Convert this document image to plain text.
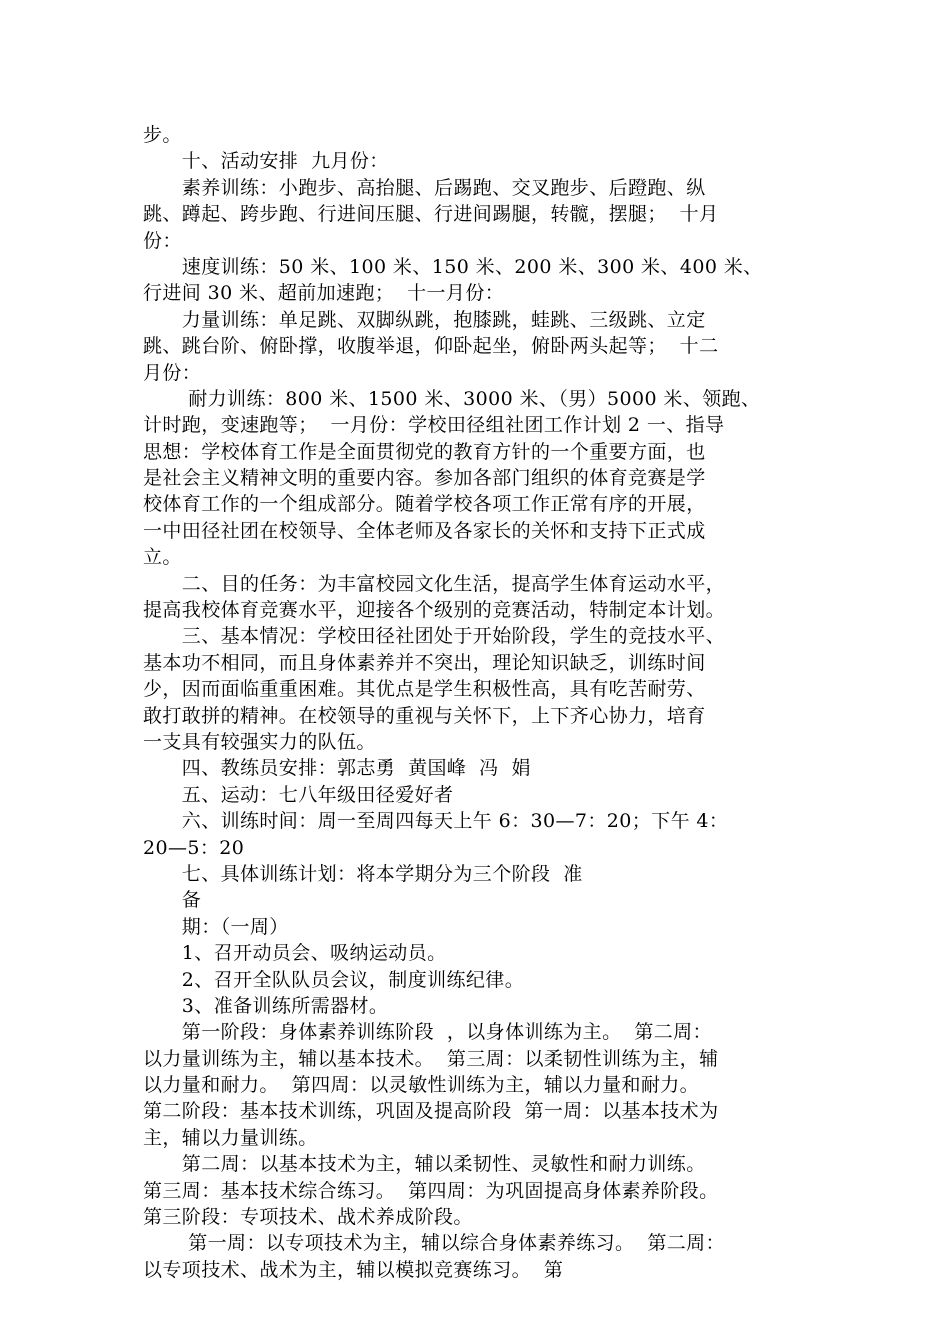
步。
　　十、活动安排  九月份：
　　素养训练：小跑步、高抬腿、后踢跑、交叉跑步、后蹬跑、纵
跳、蹲起、跨步跑、行进间压腿、行进间踢腿，转髋，摆腿；  十月
份：
　　速度训练：50 米、100 米、150 米、200 米、300 米、400 米、
行进间 30 米、超前加速跑；  十一月份：
　　力量训练：单足跳、双脚纵跳，抱膝跳，蛙跳、三级跳、立定
跳、跳台阶、俯卧撑，收腹举退，仰卧起坐，俯卧两头起等；  十二
月份：
　　 耐力训练：800 米、1500 米、3000 米、（男）5000 米、领跑、
计时跑，变速跑等；  一月份：学校田径组社团工作计划 2 一、指导
思想：学校体育工作是全面贯彻党的教育方针的一个重要方面，也
是社会主义精神文明的重要内容。参加各部门组织的体育竞赛是学
校体育工作的一个组成部分。随着学校各项工作正常有序的开展，
一中田径社团在校领导、全体老师及各家长的关怀和支持下正式成
立。
　　二、目的任务：为丰富校园文化生活，提高学生体育运动水平，
提高我校体育竞赛水平，迎接各个级别的竞赛活动，特制定本计划。
　　三、基本情况：学校田径社团处于开始阶段，学生的竞技水平、
基本功不相同，而且身体素养并不突出，理论知识缺乏，训练时间
少，因而面临重重困难。其优点是学生积极性高，具有吃苦耐劳、
敢打敢拼的精神。在校领导的重视与关怀下，上下齐心协力，培育
一支具有较强实力的队伍。
　　四、教练员安排：郭志勇  黄国峰  冯  娟
　　五、运动：七八年级田径爱好者
　　六、训练时间：周一至周四每天上午 6：30—7：20；下午 4：
20—5：20
　　七、具体训练计划：将本学期分为三个阶段  准
　　备
　　期：（一周）
　　1、召开动员会、吸纳运动员。
　　2、召开全队队员会议，制度训练纪律。
　　3、准备训练所需器材。
　　第一阶段：身体素养训练阶段  ，以身体训练为主。  第二周：
以力量训练为主，辅以基本技术。  第三周：以柔韧性训练为主，辅
以力量和耐力。  第四周：以灵敏性训练为主，辅以力量和耐力。
第二阶段：基本技术训练，巩固及提高阶段  第一周：以基本技术为
主，辅以力量训练。
　　第二周：以基本技术为主，辅以柔韧性、灵敏性和耐力训练。
第三周：基本技术综合练习。  第四周：为巩固提高身体素养阶段。
第三阶段：专项技术、战术养成阶段。
　　 第一周：以专项技术为主，辅以综合身体素养练习。  第二周：
以专项技术、战术为主，辅以模拟竞赛练习。  第
